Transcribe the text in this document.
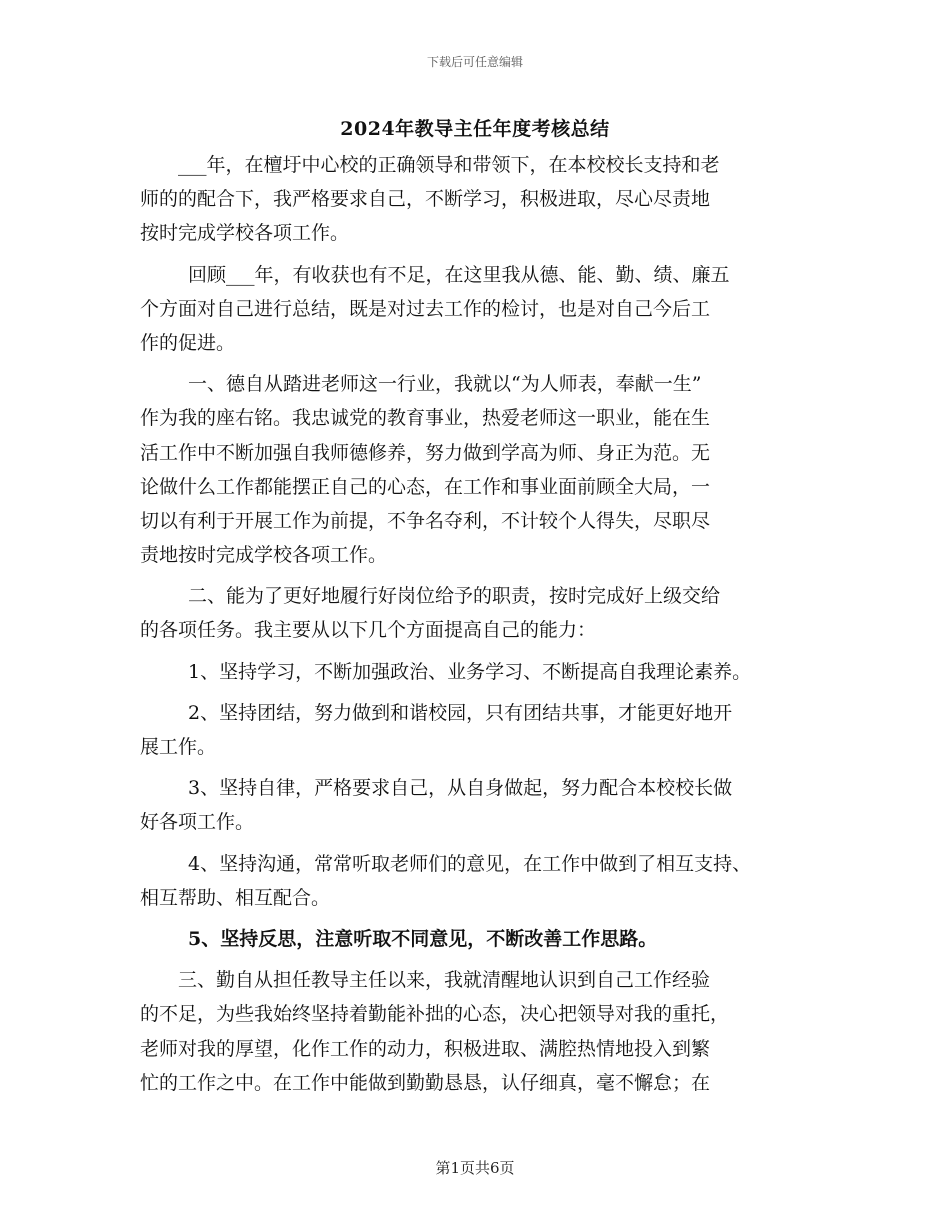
下载后可任意编辑
2024年教导主任年度考核总结
___年，在檀圩中心校的正确领导和带领下，在本校校长支持和老
师的的配合下，我严格要求自己，不断学习，积极进取，尽心尽责地
按时完成学校各项工作。
回顾___年，有收获也有不足，在这里我从德、能、勤、绩、廉五
个方面对自己进行总结，既是对过去工作的检讨，也是对自己今后工
作的促进。
一、德自从踏进老师这一行业，我就以“为人师表，奉献一生”
作为我的座右铭。我忠诚党的教育事业，热爱老师这一职业，能在生
活工作中不断加强自我师德修养，努力做到学高为师、身正为范。无
论做什么工作都能摆正自己的心态，在工作和事业面前顾全大局，一
切以有利于开展工作为前提，不争名夺利，不计较个人得失，尽职尽
责地按时完成学校各项工作。
二、能为了更好地履行好岗位给予的职责，按时完成好上级交给
的各项任务。我主要从以下几个方面提高自己的能力：
1、坚持学习，不断加强政治、业务学习、不断提高自我理论素养。
2、坚持团结，努力做到和谐校园，只有团结共事，才能更好地开
展工作。
3、坚持自律，严格要求自己，从自身做起，努力配合本校校长做
好各项工作。
4、坚持沟通，常常听取老师们的意见，在工作中做到了相互支持、
相互帮助、相互配合。
5、坚持反思，注意听取不同意见，不断改善工作思路。
三、勤自从担任教导主任以来，我就清醒地认识到自己工作经验
的不足，为些我始终坚持着勤能补拙的心态，决心把领导对我的重托，
老师对我的厚望，化作工作的动力，积极进取、满腔热情地投入到繁
忙的工作之中。在工作中能做到勤勤恳恳，认仔细真，毫不懈怠；在
第1页共6页
